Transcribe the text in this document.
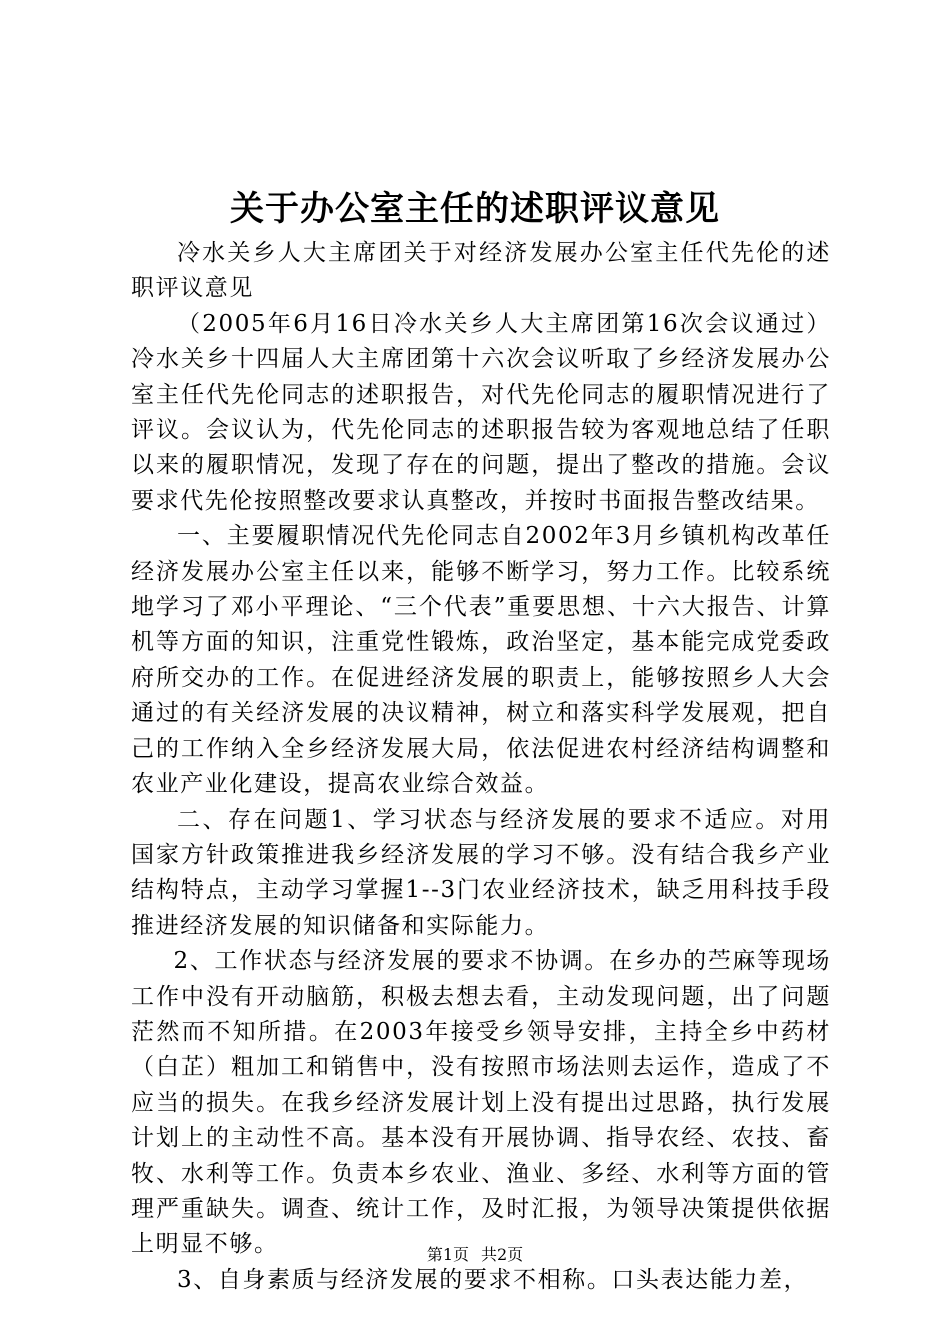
关于办公室主任的述职评议意见

冷水关乡人大主席团关于对经济发展办公室主任代先伦的述职评议意见

（2005年6月16日冷水关乡人大主席团第16次会议通过）冷水关乡十四届人大主席团第十六次会议听取了乡经济发展办公室主任代先伦同志的述职报告，对代先伦同志的履职情况进行了评议。会议认为，代先伦同志的述职报告较为客观地总结了任职以来的履职情况，发现了存在的问题，提出了整改的措施。会议要求代先伦按照整改要求认真整改，并按时书面报告整改结果。

一、主要履职情况代先伦同志自2002年3月乡镇机构改革任经济发展办公室主任以来，能够不断学习，努力工作。比较系统地学习了邓小平理论、“三个代表”重要思想、十六大报告、计算机等方面的知识，注重党性锻炼，政治坚定，基本能完成党委政府所交办的工作。在促进经济发展的职责上，能够按照乡人大会通过的有关经济发展的决议精神，树立和落实科学发展观，把自己的工作纳入全乡经济发展大局，依法促进农村经济结构调整和农业产业化建设，提高农业综合效益。

二、存在问题1、学习状态与经济发展的要求不适应。对用国家方针政策推进我乡经济发展的学习不够。没有结合我乡产业结构特点，主动学习掌握1--3门农业经济技术，缺乏用科技手段推进经济发展的知识储备和实际能力。

2、工作状态与经济发展的要求不协调。在乡办的苎麻等现场工作中没有开动脑筋，积极去想去看，主动发现问题，出了问题茫然而不知所措。在2003年接受乡领导安排，主持全乡中药材（白芷）粗加工和销售中，没有按照市场法则去运作，造成了不应当的损失。在我乡经济发展计划上没有提出过思路，执行发展计划上的主动性不高。基本没有开展协调、指导农经、农技、畜牧、水利等工作。负责本乡农业、渔业、多经、水利等方面的管理严重缺失。调查、统计工作，及时汇报，为领导决策提供依据上明显不够。

3、自身素质与经济发展的要求不相称。口头表达能力差，

第1页 共2页
